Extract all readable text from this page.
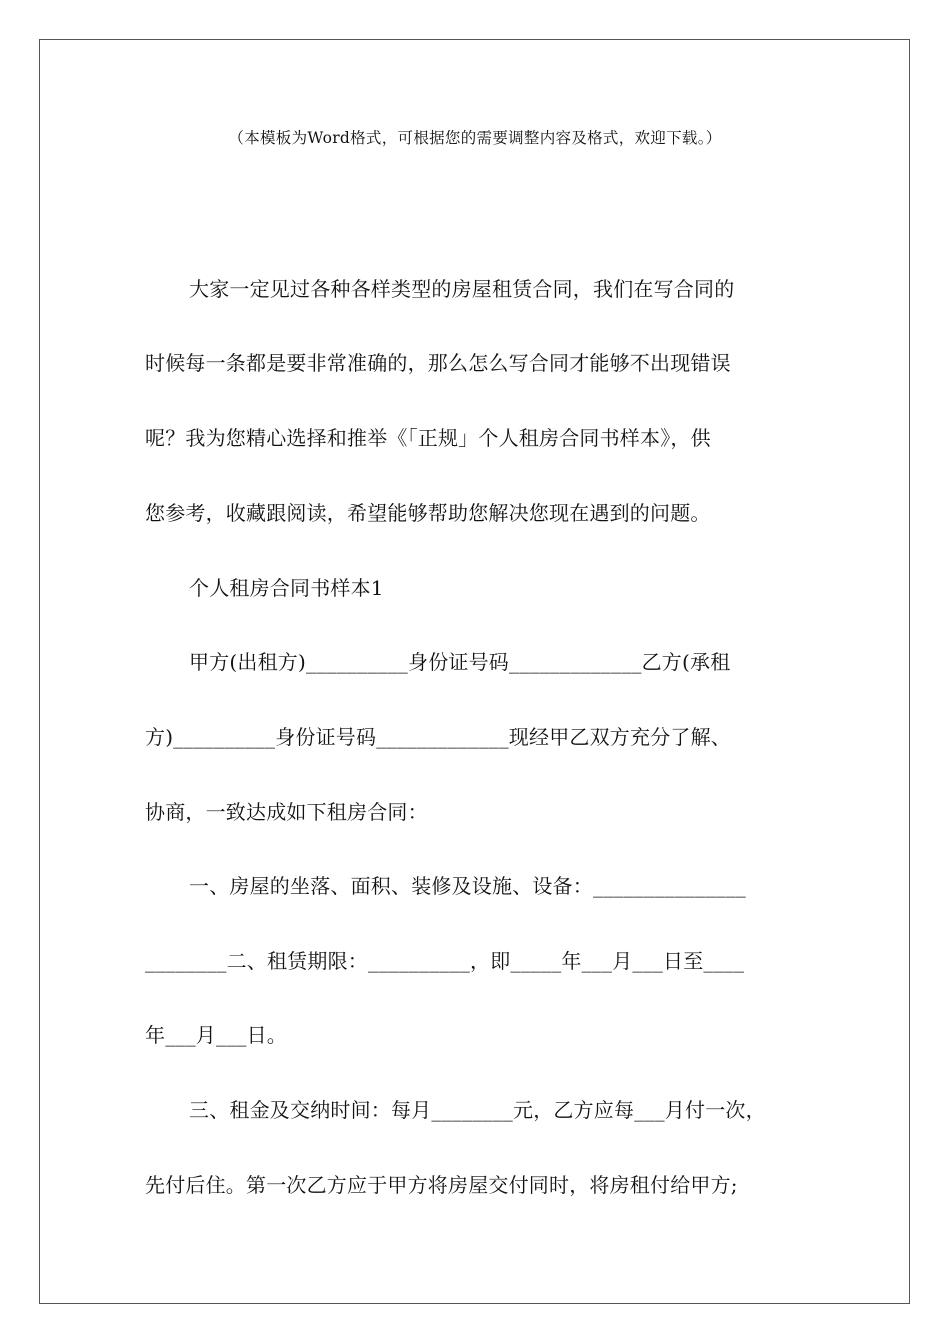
（本模板为Word格式，可根据您的需要调整内容及格式，欢迎下载。）
大家一定见过各种各样类型的房屋租赁合同，我们在写合同的
时候每一条都是要非常准确的，那么怎么写合同才能够不出现错误
呢？我为您精心选择和推举《「正规」个人租房合同书样本》，供
您参考，收藏跟阅读，希望能够帮助您解决您现在遇到的问题。
个人租房合同书样本1
甲方(出租方)__________身份证号码_____________乙方(承租
方)__________身份证号码_____________现经甲乙双方充分了解、
协商，一致达成如下租房合同：
一、房屋的坐落、面积、装修及设施、设备：_______________
________二、租赁期限：__________，即_____年___月___日至____
年___月___日。
三、租金及交纳时间：每月________元，乙方应每___月付一次，
先付后住。第一次乙方应于甲方将房屋交付同时，将房租付给甲方;
